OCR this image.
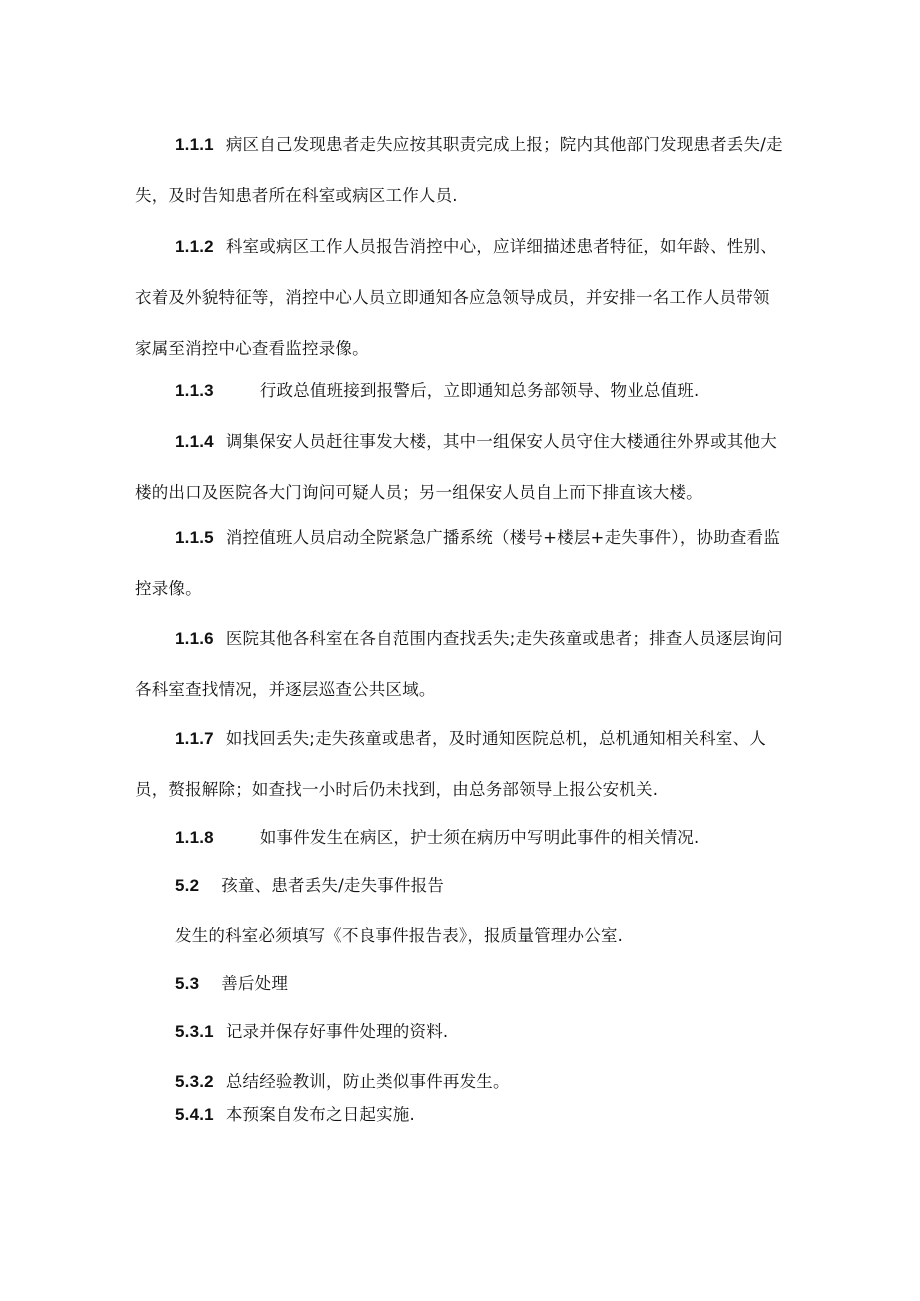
1.1.1 病区自己发现患者走失应按其职责完成上报；院内其他部门发现患者丢失/走失，及时告知患者所在科室或病区工作人员.
1.1.2 科室或病区工作人员报告消控中心，应详细描述患者特征，如年龄、性别、衣着及外貌特征等，消控中心人员立即通知各应急领导成员，并安排一名工作人员带领家属至消控中心查看监控录像。
1.1.3	行政总值班接到报警后，立即通知总务部领导、物业总值班.
1.1.4 调集保安人员赶往事发大楼，其中一组保安人员守住大楼通往外界或其他大楼的出口及医院各大门询问可疑人员；另一组保安人员自上而下排直该大楼。
1.1.5 消控值班人员启动全院紧急广播系统（楼号+楼层+走失事件），协助查看监控录像。
1.1.6 医院其他各科室在各自范围内查找丢失;走失孩童或患者；排查人员逐层询问各科室查找情况，并逐层巡查公共区域。
1.1.7 如找回丢失;走失孩童或患者，及时通知医院总机，总机通知相关科室、人员，赘报解除；如查找一小时后仍未找到，由总务部领导上报公安机关.
1.1.8	如事件发生在病区，护士须在病历中写明此事件的相关情况.
5.2 孩童、患者丢失/走失事件报告
发生的科室必须填写《不良事件报告表》，报质量管理办公室.
5.3 善后处理
5.3.1 记录并保存好事件处理的资料.
5.3.2 总结经验教训，防止类似事件再发生。
5.4.1 本预案自发布之日起实施.
